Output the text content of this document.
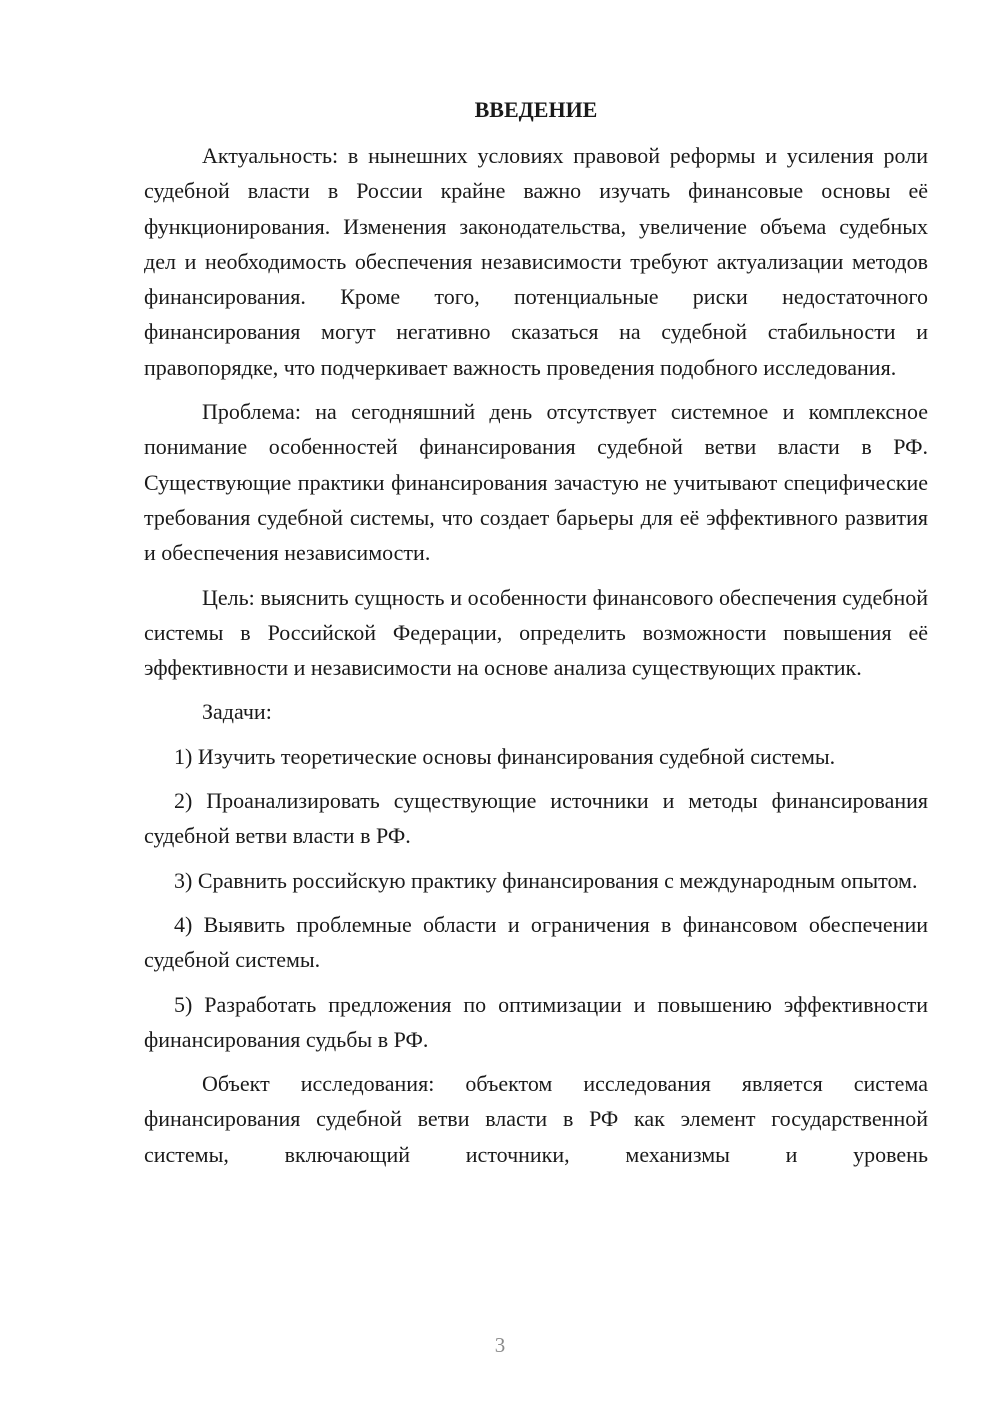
ВВЕДЕНИЕ

Актуальность: в нынешних условиях правовой реформы и усиления роли судебной власти в России крайне важно изучать финансовые основы её функционирования. Изменения законодательства, увеличение объема судебных дел и необходимость обеспечения независимости требуют актуализации методов финансирования. Кроме того, потенциальные риски недостаточного финансирования могут негативно сказаться на судебной стабильности и правопорядке, что подчеркивает важность проведения подобного исследования.

Проблема: на сегодняшний день отсутствует системное и комплексное понимание особенностей финансирования судебной ветви власти в РФ. Существующие практики финансирования зачастую не учитывают специфические требования судебной системы, что создает барьеры для её эффективного развития и обеспечения независимости.

Цель: выяснить сущность и особенности финансового обеспечения судебной системы в Российской Федерации, определить возможности повышения её эффективности и независимости на основе анализа существующих практик.

Задачи:

1) Изучить теоретические основы финансирования судебной системы.

2) Проанализировать существующие источники и методы финансирования судебной ветви власти в РФ.

3) Сравнить российскую практику финансирования с международным опытом.

4) Выявить проблемные области и ограничения в финансовом обеспечении судебной системы.

5) Разработать предложения по оптимизации и повышению эффективности финансирования судьбы в РФ.

Объект исследования: объектом исследования является система финансирования судебной ветви власти в РФ как элемент государственной системы, включающий источники, механизмы и уровень

3
